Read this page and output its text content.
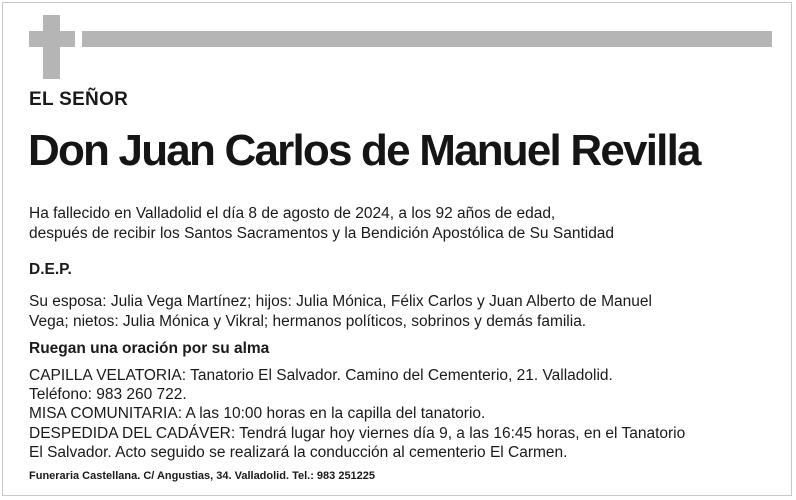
EL SEÑOR
Don Juan Carlos de Manuel Revilla
Ha fallecido en Valladolid el día 8 de agosto de 2024, a los 92 años de edad,
después de recibir los Santos Sacramentos y la Bendición Apostólica de Su Santidad
D.E.P.
Su esposa: Julia Vega Martínez; hijos: Julia Mónica, Félix Carlos y Juan Alberto de Manuel
Vega; nietos: Julia Mónica y Vikral; hermanos políticos, sobrinos y demás familia.
Ruegan una oración por su alma
CAPILLA VELATORIA: Tanatorio El Salvador. Camino del Cementerio, 21. Valladolid.
Teléfono: 983 260 722.
MISA COMUNITARIA: A las 10:00 horas en la capilla del tanatorio.
DESPEDIDA DEL CADÁVER: Tendrá lugar hoy viernes día 9, a las 16:45 horas, en el Tanatorio
El Salvador. Acto seguido se realizará la conducción al cementerio El Carmen.
Funeraria Castellana. C/ Angustias, 34. Valladolid. Tel.: 983 251225
